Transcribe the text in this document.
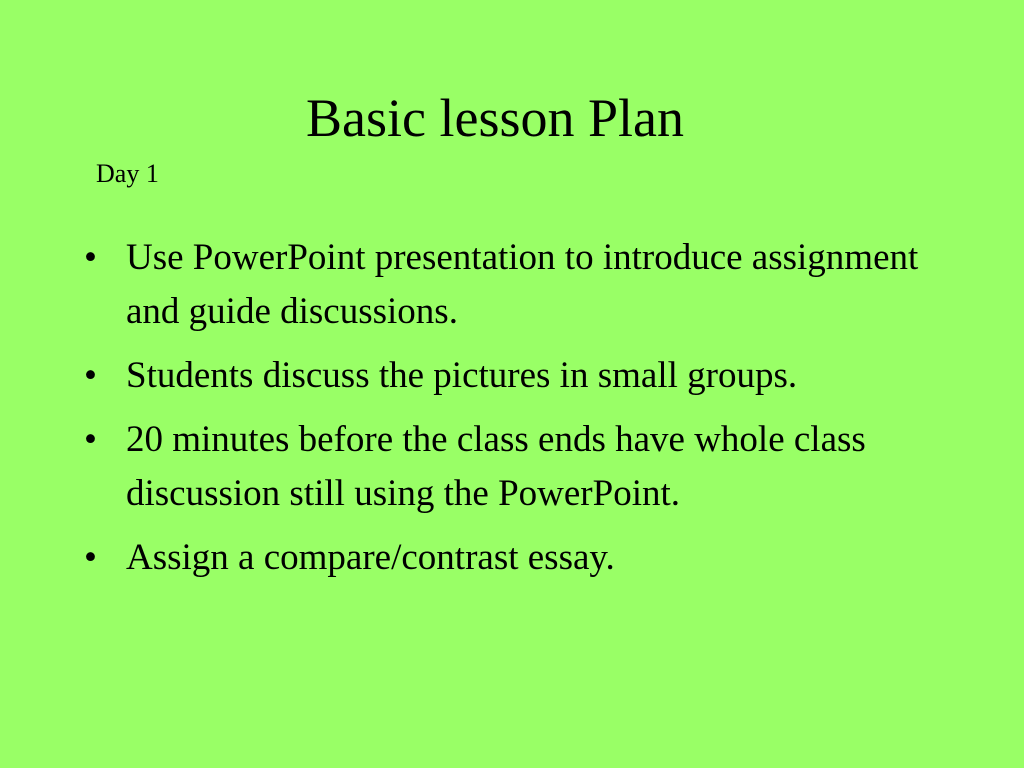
Basic lesson Plan
Day 1
• Use PowerPoint presentation to introduce assignment and guide discussions.
• Students discuss the pictures in small groups.
• 20 minutes before the class ends have whole class discussion still using the PowerPoint.
• Assign a compare/contrast essay.
